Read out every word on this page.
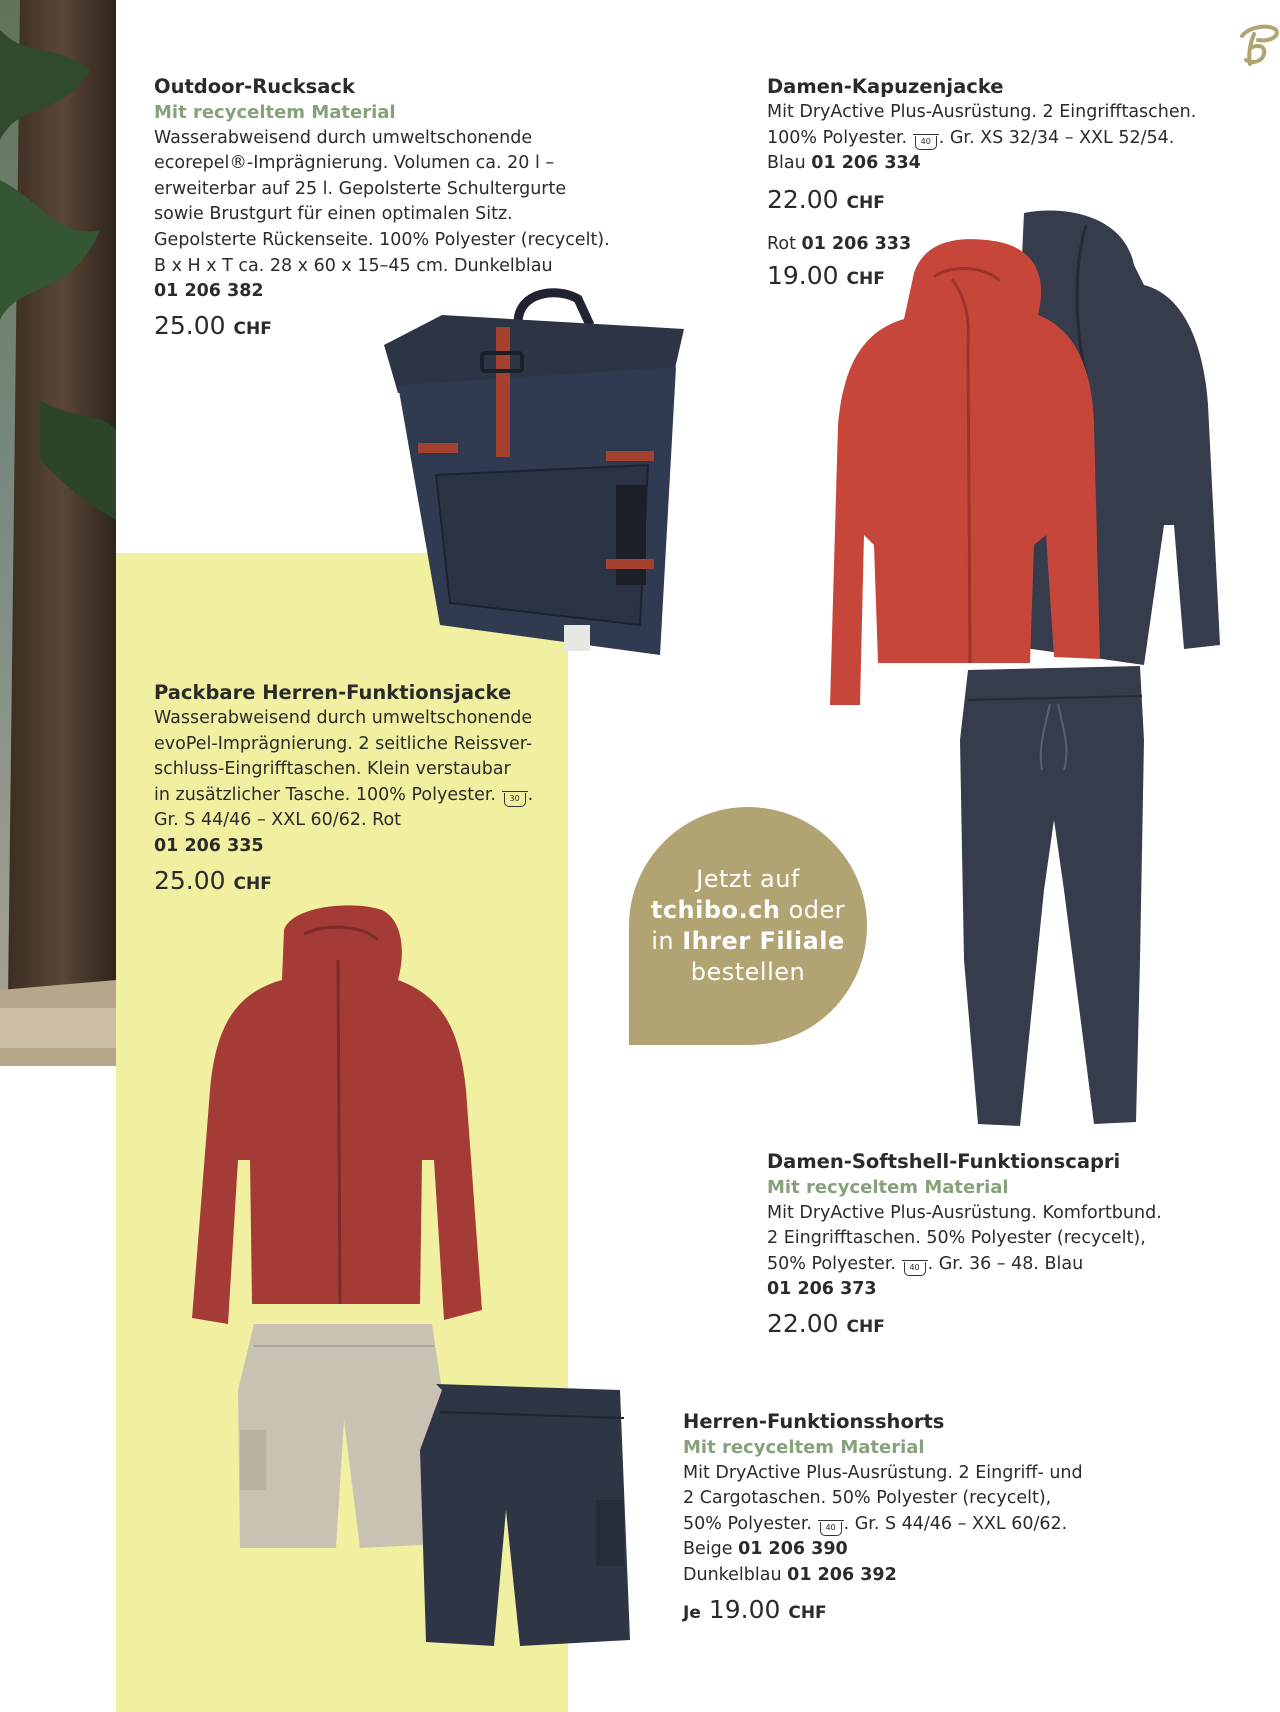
Outdoor-Rucksack
Mit recyceltem Material
Wasserabweisend durch umweltschonende
ecorepel®-Imprägnierung. Volumen ca. 20 l –
erweiterbar auf 25 l. Gepolsterte Schultergurte
sowie Brustgurt für einen optimalen Sitz.
Gepolsterte Rückenseite. 100% Polyester (recycelt).
B x H x T ca. 28 x 60 x 15–45 cm. Dunkelblau
01 206 382
25.00 CHF
Damen-Kapuzenjacke
Mit DryActive Plus-Ausrüstung. 2 Eingrifftaschen.
100% Polyester. 40 . Gr. XS 32/34 – XXL 52/54.
Blau 01 206 334
22.00 CHF
Rot 01 206 333
19.00 CHF
Jetzt auf
tchibo.ch oder
in Ihrer Filiale
bestellen
Packbare Herren-Funktionsjacke
Wasserabweisend durch umweltschonende
evoPel-Imprägnierung. 2 seitliche Reissver-
schluss-Eingrifftaschen. Klein verstaubar
in zusätzlicher Tasche. 100% Polyester. 30 .
Gr. S 44/46 – XXL 60/62. Rot
01 206 335
25.00 CHF
Damen-Softshell-Funktionscapri
Mit recyceltem Material
Mit DryActive Plus-Ausrüstung. Komfortbund.
2 Eingrifftaschen. 50% Polyester (recycelt),
50% Polyester. 40 . Gr. 36 – 48. Blau
01 206 373
22.00 CHF
Herren-Funktionsshorts
Mit recyceltem Material
Mit DryActive Plus-Ausrüstung. 2 Eingriff- und
2 Cargotaschen. 50% Polyester (recycelt),
50% Polyester. 40 . Gr. S 44/46 – XXL 60/62.
Beige 01 206 390
Dunkelblau 01 206 392
Je 19.00 CHF
